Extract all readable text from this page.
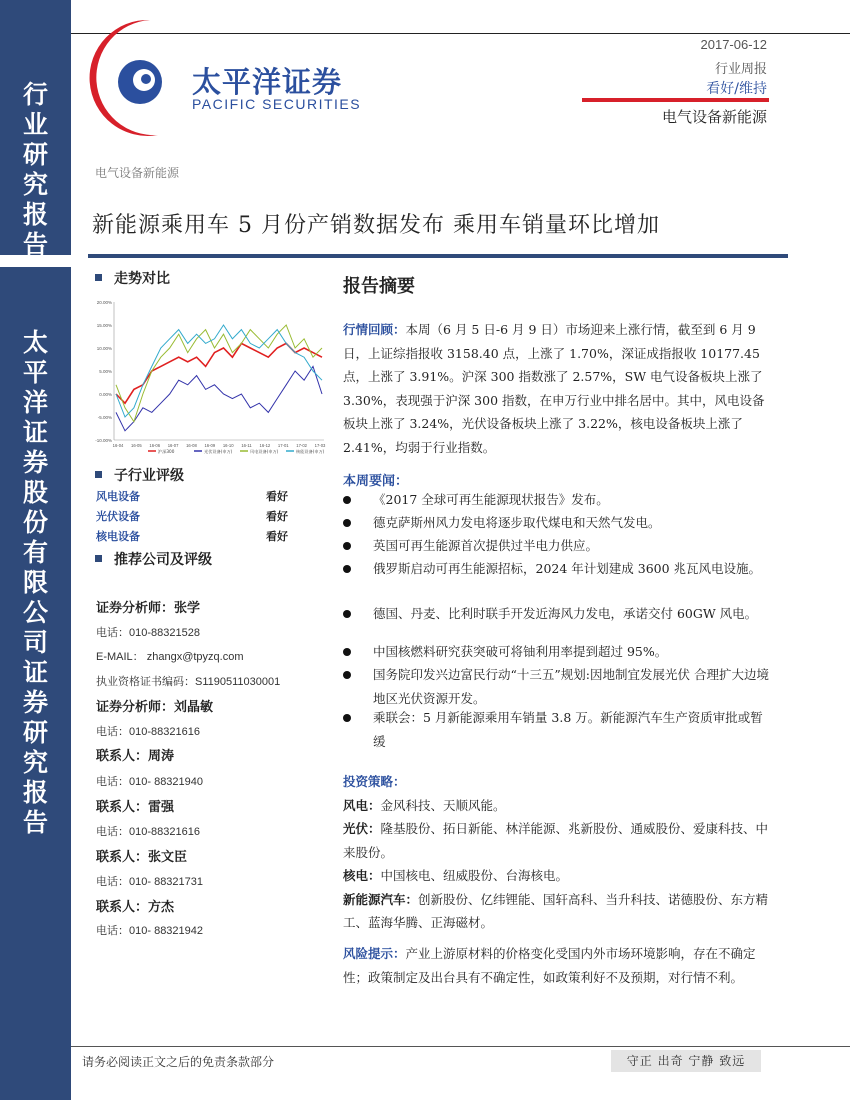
行
业
研
究
报
告
太
平
洋
证
券
股
份
有
限
公
司
证
券
研
究
报
告
太平洋证券
PACIFIC SECURITIES
2017-06-12
行业周报
看好/维持
电气设备新能源
电气设备新能源
新能源乘用车 5 月份产销数据发布 乘用车销量环比增加
走势对比
20.00%
15.00%
10.00%
5.00%
0.00%
-5.00%
-10.00%
16-04 16-05 16-06 16-07 16-08 16-09 16-10 16-11 16-12 17-01 17-02 17-03
沪深300	光伏设备(申万)	风电设备(申万)	核能设备(申万)
子行业评级
风电设备	看好
光伏设备	看好
核电设备	看好
推荐公司及评级
证券分析师：张学
电话：010-88321528
E-MAIL： zhangx@tpyzq.com
执业资格证书编码：S1190511030001
证券分析师：刘晶敏
电话：010-88321616
联系人：周涛
电话：010- 88321940
联系人：雷强
电话：010-88321616
联系人：张文臣
电话：010- 88321731
联系人：方杰
电话：010- 88321942
报告摘要
行情回顾：本周（6 月 5 日-6 月 9 日）市场迎来上涨行情，截至到 6 月 9 日，上证综指报收 3158.40 点，上涨了 1.70%，深证成指报收 10177.45 点，上涨了 3.91%。沪深 300 指数涨了 2.57%，SW 电气设备板块上涨了 3.30%，表现强于沪深 300 指数，在申万行业中排名居中。其中，风电设备板块上涨了 3.24%，光伏设备板块上涨了 3.22%，核电设备板块上涨了 2.41%，均弱于行业指数。
本周要闻：
《2017 全球可再生能源现状报告》发布。
德克萨斯州风力发电将逐步取代煤电和天然气发电。
英国可再生能源首次提供过半电力供应。
俄罗斯启动可再生能源招标，2024 年计划建成 3600 兆瓦风电设施。
德国、丹麦、比利时联手开发近海风力发电，承诺交付 60GW 风电。
中国核燃料研究获突破可将铀利用率提到超过 95%。
国务院印发兴边富民行动“十三五”规划:因地制宜发展光伏 合理扩大边境地区光伏资源开发。
乘联会：5 月新能源乘用车销量 3.8 万。新能源汽车生产资质审批或暂缓
投资策略：
风电：金风科技、天顺风能。
光伏：隆基股份、拓日新能、林洋能源、兆新股份、通威股份、爱康科技、中来股份。
核电：中国核电、纽威股份、台海核电。
新能源汽车：创新股份、亿纬锂能、国轩高科、当升科技、诺德股份、东方精工、蓝海华腾、正海磁材。
风险提示：产业上游原材料的价格变化受国内外市场环境影响，存在不确定性；政策制定及出台具有不确定性，如政策利好不及预期，对行情不利。
请务必阅读正文之后的免责条款部分	守正 出奇 宁静 致远
